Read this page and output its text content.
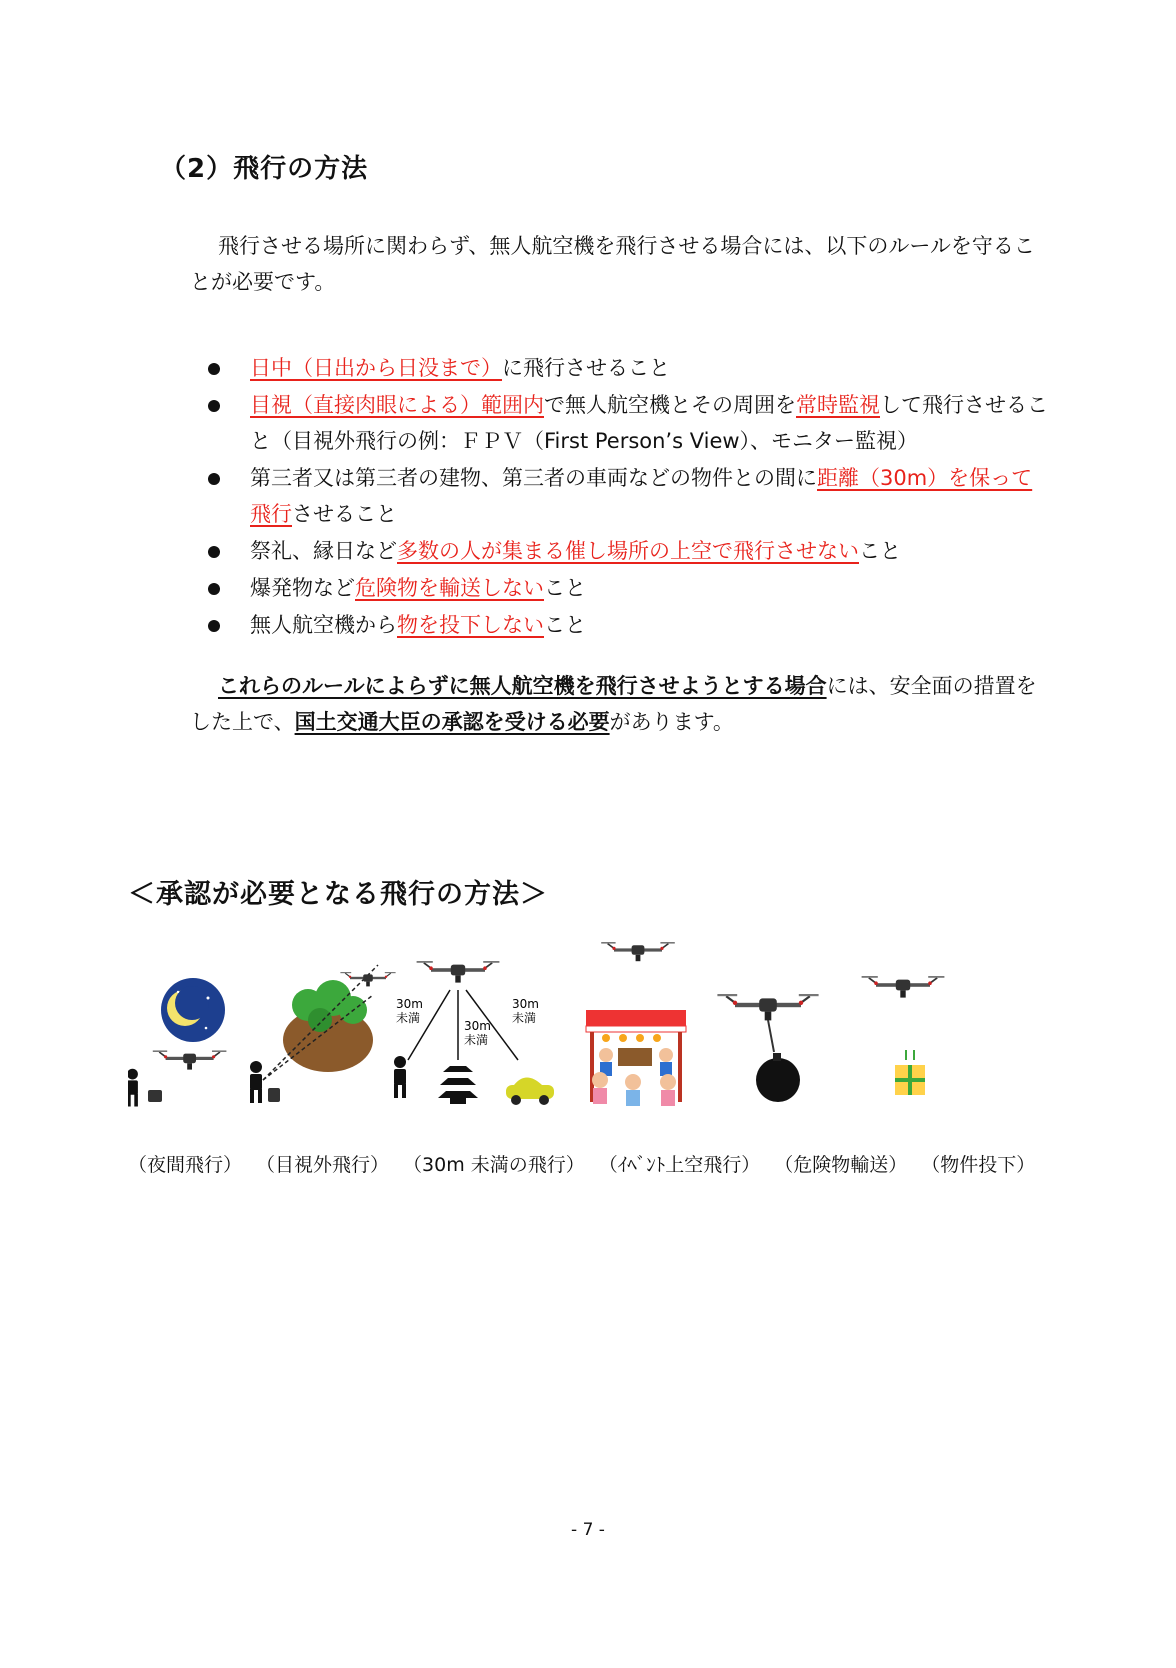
（2）飛行の方法
飛行させる場所に関わらず、無人航空機を飛行させる場合には、以下のルールを守ることが必要です。
日中（日出から日没まで）に飛行させること
目視（直接肉眼による）範囲内で無人航空機とその周囲を常時監視して飛行させること（目視外飛行の例：ＦＰＶ（First Person’s View）、モニター監視）
第三者又は第三者の建物、第三者の車両などの物件との間に距離（30m）を保って飛行させること
祭礼、縁日など多数の人が集まる催し場所の上空で飛行させないこと
爆発物など危険物を輸送しないこと
無人航空機から物を投下しないこと
これらのルールによらずに無人航空機を飛行させようとする場合には、安全面の措置をした上で、国土交通大臣の承認を受ける必要があります。
＜承認が必要となる飛行の方法＞
30m
未満
30m
未満
30m
未満
（夜間飛行） （目視外飛行） （30m 未満の飛行） （ｲﾍﾞﾝﾄ上空飛行） （危険物輸送） （物件投下）
- 7 -
